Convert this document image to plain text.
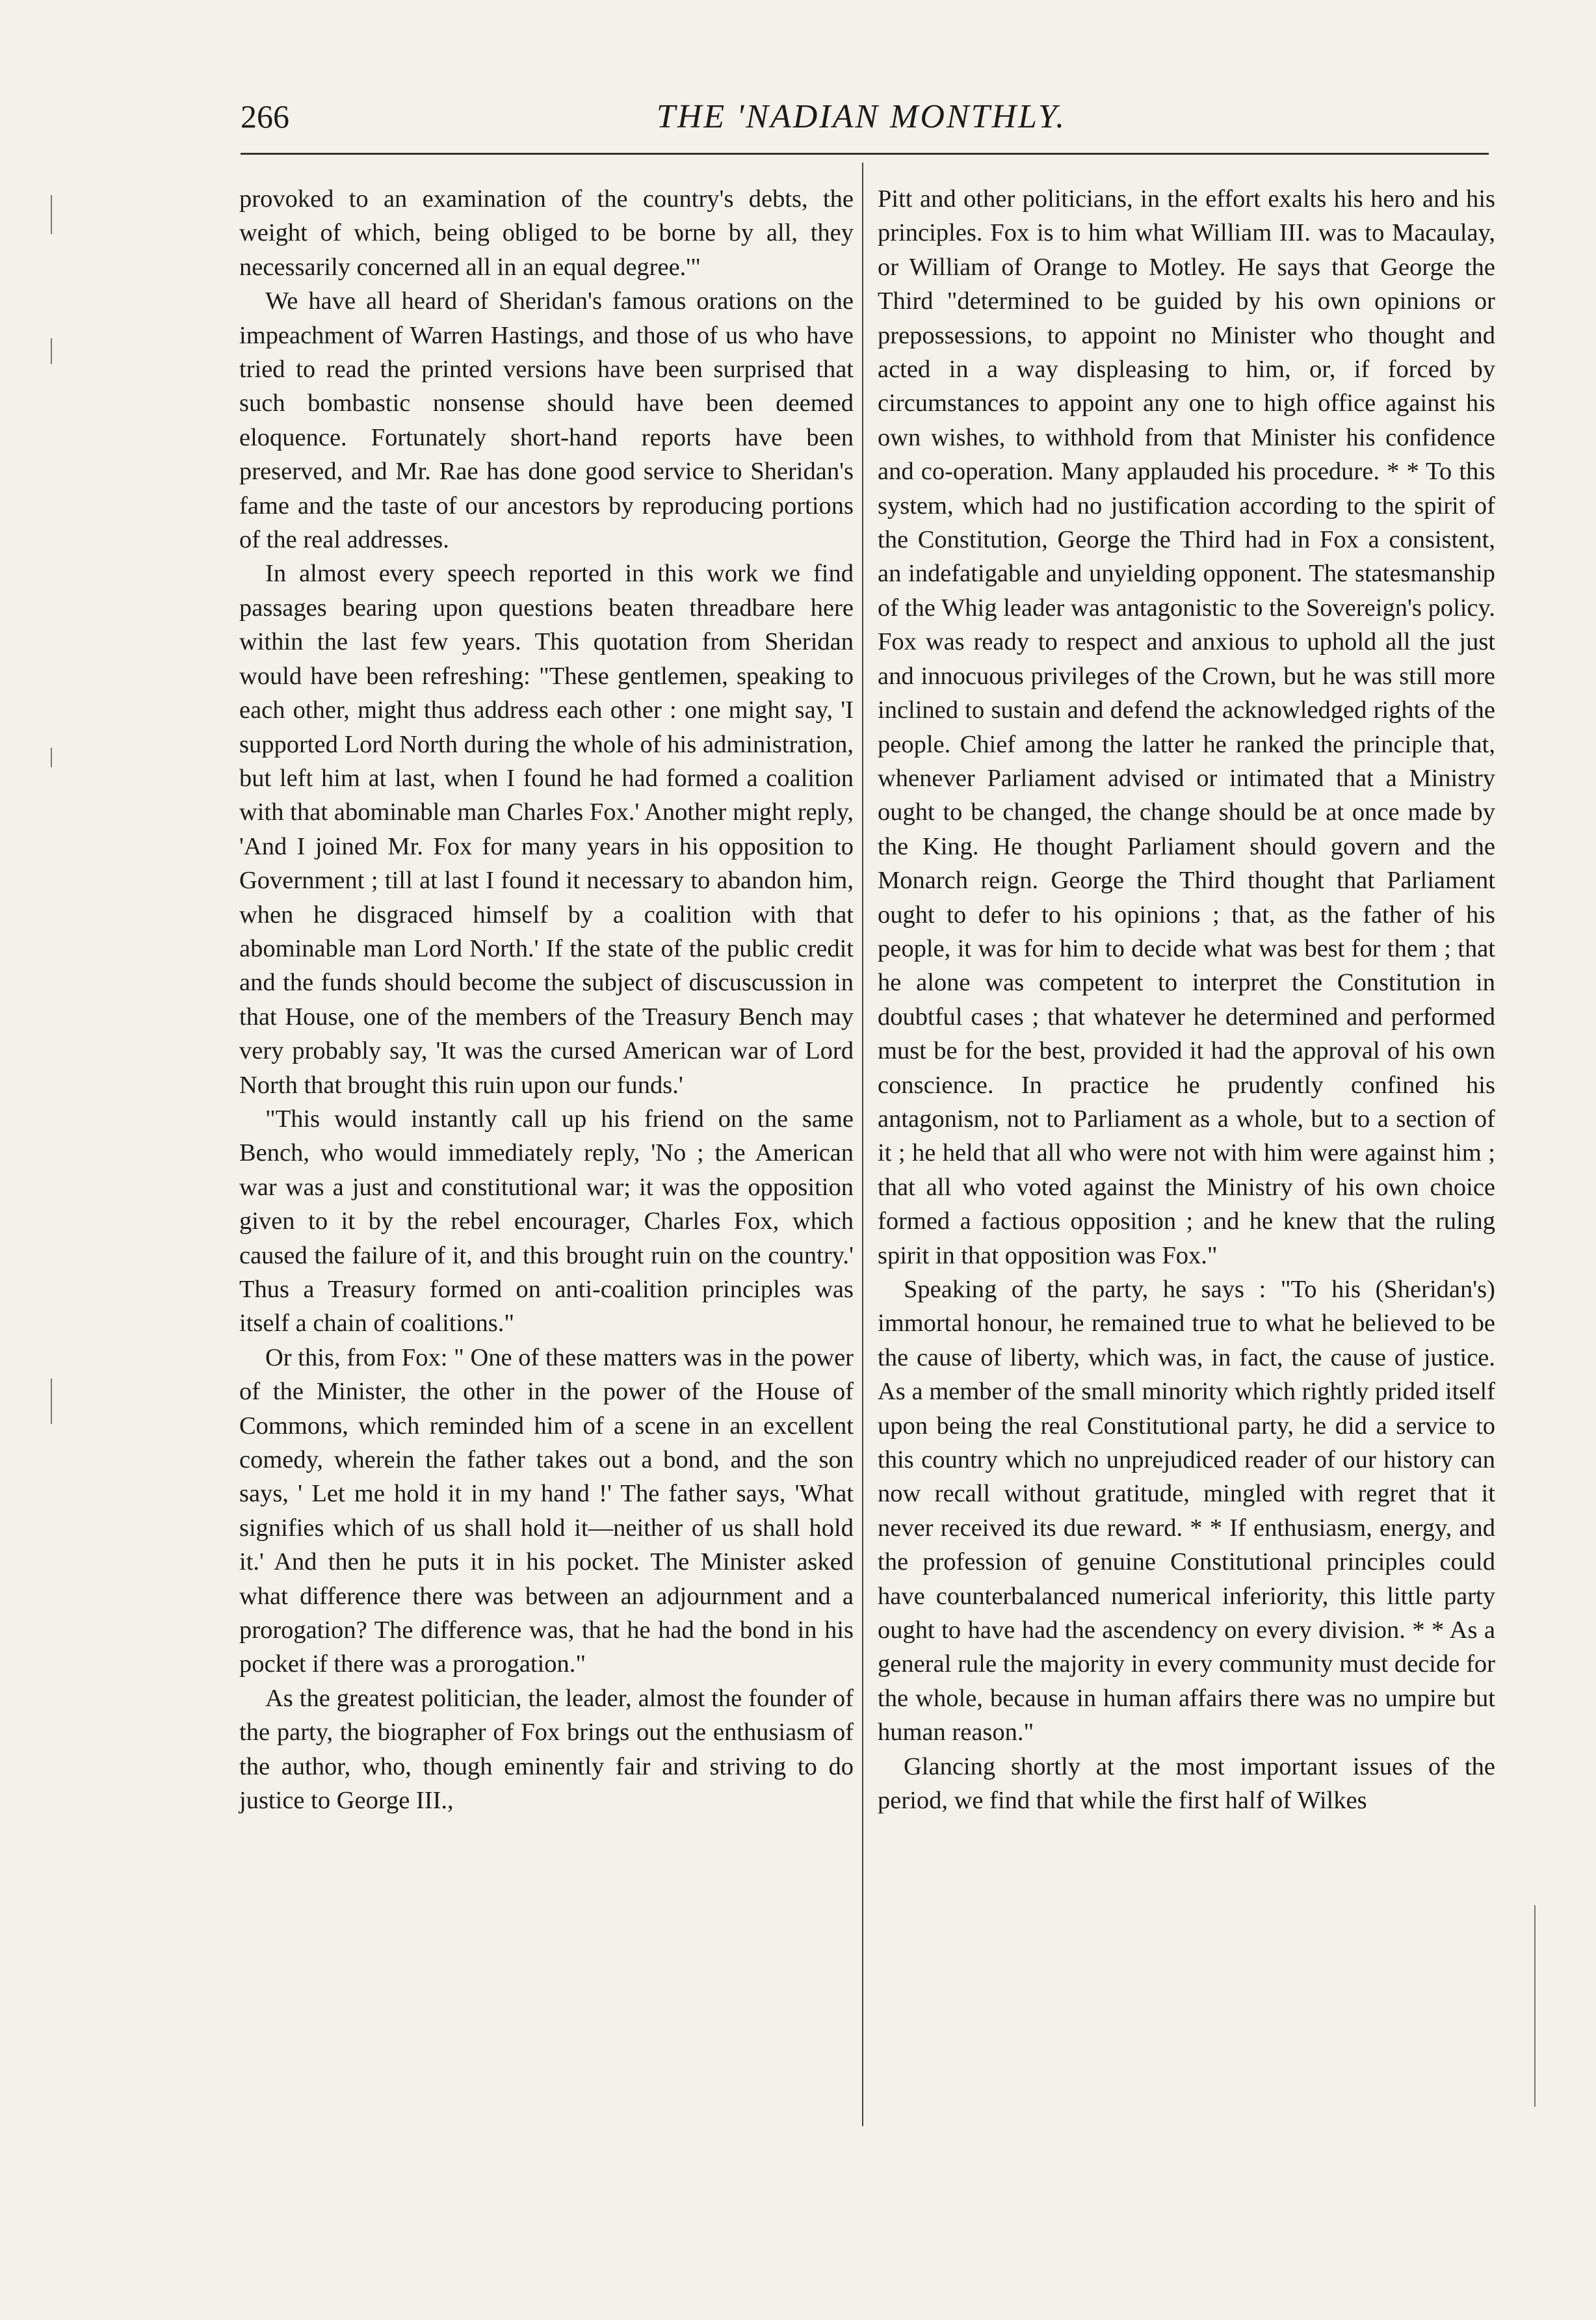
266	THE 'NADIAN MONTHLY.

provoked to an examination of the country's debts, the weight of which, being obliged to be borne by all, they necessarily concerned all in an equal degree.'"

We have all heard of Sheridan's famous orations on the impeachment of Warren Hastings, and those of us who have tried to read the printed versions have been surprised that such bombastic nonsense should have been deemed eloquence. Fortunately short-hand reports have been preserved, and Mr. Rae has done good service to Sheridan's fame and the taste of our ancestors by reproducing portions of the real addresses.

In almost every speech reported in this work we find passages bearing upon questions beaten threadbare here within the last few years. This quotation from Sheridan would have been refreshing: "These gentlemen, speaking to each other, might thus address each other : one might say, 'I supported Lord North during the whole of his administration, but left him at last, when I found he had formed a coalition with that abominable man Charles Fox.' Another might reply, 'And I joined Mr. Fox for many years in his opposition to Government ; till at last I found it necessary to abandon him, when he disgraced himself by a coalition with that abominable man Lord North.' If the state of the public credit and the funds should become the subject of discuscussion in that House, one of the members of the Treasury Bench may very probably say, 'It was the cursed American war of Lord North that brought this ruin upon our funds.'

"This would instantly call up his friend on the same Bench, who would immediately reply, 'No ; the American war was a just and constitutional war; it was the opposition given to it by the rebel encourager, Charles Fox, which caused the failure of it, and this brought ruin on the country.' Thus a Treasury formed on anti-coalition principles was itself a chain of coalitions."

Or this, from Fox: " One of these matters was in the power of the Minister, the other in the power of the House of Commons, which reminded him of a scene in an excellent comedy, wherein the father takes out a bond, and the son says, ' Let me hold it in my hand !' The father says, 'What signifies which of us shall hold it—neither of us shall hold it.' And then he puts it in his pocket. The Minister asked what difference there was between an adjournment and a prorogation? The difference was, that he had the bond in his pocket if there was a prorogation."

As the greatest politician, the leader, almost the founder of the party, the biographer of Fox brings out the enthusiasm of the author, who, though eminently fair and striving to do justice to George III.,

Pitt and other politicians, in the effort exalts his hero and his principles. Fox is to him what William III. was to Macaulay, or William of Orange to Motley. He says that George the Third "determined to be guided by his own opinions or prepossessions, to appoint no Minister who thought and acted in a way displeasing to him, or, if forced by circumstances to appoint any one to high office against his own wishes, to withhold from that Minister his confidence and co-operation. Many applauded his procedure. * * To this system, which had no justification according to the spirit of the Constitution, George the Third had in Fox a consistent, an indefatigable and unyielding opponent. The statesmanship of the Whig leader was antagonistic to the Sovereign's policy. Fox was ready to respect and anxious to uphold all the just and innocuous privileges of the Crown, but he was still more inclined to sustain and defend the acknowledged rights of the people. Chief among the latter he ranked the principle that, whenever Parliament advised or intimated that a Ministry ought to be changed, the change should be at once made by the King. He thought Parliament should govern and the Monarch reign. George the Third thought that Parliament ought to defer to his opinions ; that, as the father of his people, it was for him to decide what was best for them ; that he alone was competent to interpret the Constitution in doubtful cases ; that whatever he determined and performed must be for the best, provided it had the approval of his own conscience. In practice he prudently confined his antagonism, not to Parliament as a whole, but to a section of it ; he held that all who were not with him were against him ; that all who voted against the Ministry of his own choice formed a factious opposition ; and he knew that the ruling spirit in that opposition was Fox."

Speaking of the party, he says : "To his (Sheridan's) immortal honour, he remained true to what he believed to be the cause of liberty, which was, in fact, the cause of justice. As a member of the small minority which rightly prided itself upon being the real Constitutional party, he did a service to this country which no unprejudiced reader of our history can now recall without gratitude, mingled with regret that it never received its due reward. * * If enthusiasm, energy, and the profession of genuine Constitutional principles could have counterbalanced numerical inferiority, this little party ought to have had the ascendency on every division. * * As a general rule the majority in every community must decide for the whole, because in human affairs there was no umpire but human reason."

Glancing shortly at the most important issues of the period, we find that while the first half of Wilkes
